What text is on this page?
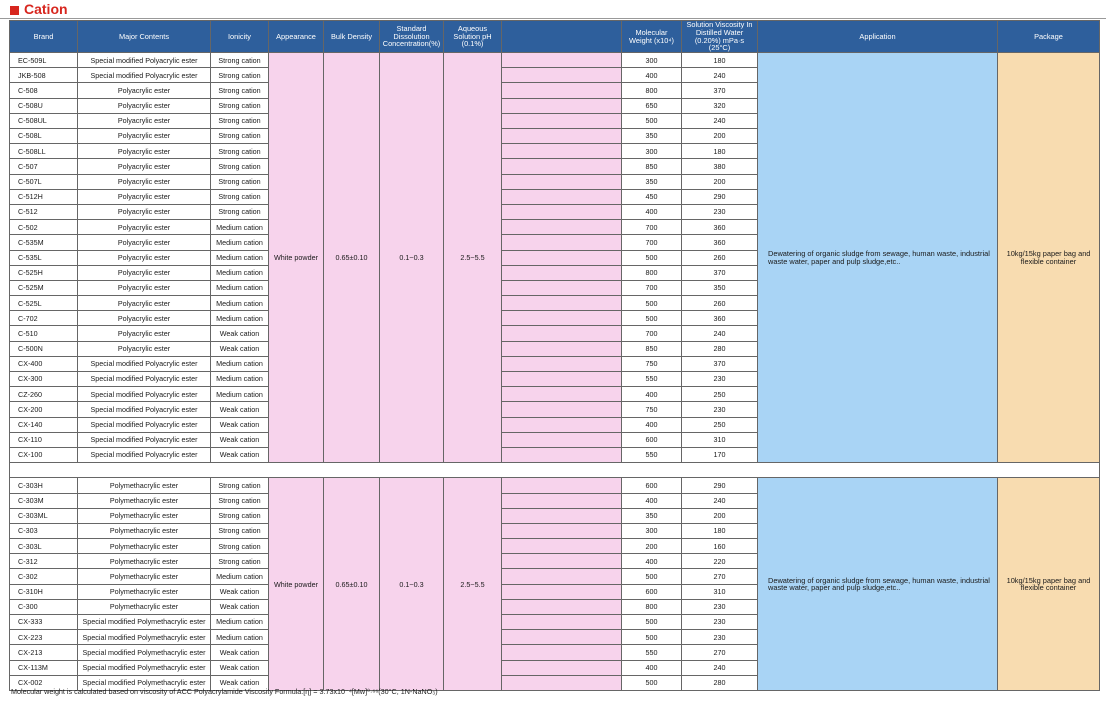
Cation
Brand	Major Contents	Ionicity	Appearance	Bulk Density	Standard Dissolution Concentration(%)	Aqueous Solution pH (0.1%)		Molecular Weight (x10⁴)	Solution Viscosity In Distilled Water (0.20%) mPa·s (25°C)	Application	Package
EC-509L	Special modified Polyacrylic ester	Strong cation	White powder	0.65±0.10	0.1~0.3	2.5~5.5		300	180	Dewatering of organic sludge from sewage, human waste, industrial waste water, paper and pulp sludge,etc..	10kg/15kg paper bag and flexible container
JKB-508	Special modified Polyacrylic ester	Strong cation						400	240		
C-508	Polyacrylic ester	Strong cation						800	370		
C-508U	Polyacrylic ester	Strong cation						650	320		
C-508UL	Polyacrylic ester	Strong cation						500	240		
C-508L	Polyacrylic ester	Strong cation						350	200		
C-508LL	Polyacrylic ester	Strong cation						300	180		
C-507	Polyacrylic ester	Strong cation						850	380		
C-507L	Polyacrylic ester	Strong cation						350	200		
C-512H	Polyacrylic ester	Strong cation						450	290		
C-512	Polyacrylic ester	Strong cation						400	230		
C-502	Polyacrylic ester	Medium cation						700	360		
C-535M	Polyacrylic ester	Medium cation						700	360		
C-535L	Polyacrylic ester	Medium cation						500	260		
C-525H	Polyacrylic ester	Medium cation						800	370		
C-525M	Polyacrylic ester	Medium cation						700	350		
C-525L	Polyacrylic ester	Medium cation						500	260		
C-702	Polyacrylic ester	Medium cation						500	360		
C-510	Polyacrylic ester	Weak cation						700	240		
C-500N	Polyacrylic ester	Weak cation						850	280		
CX-400	Special modified Polyacrylic ester	Medium cation						750	370		
CX-300	Special modified Polyacrylic ester	Medium cation						550	230		
CZ-260	Special modified Polyacrylic ester	Medium cation						400	250		
CX-200	Special modified Polyacrylic ester	Weak cation						750	230		
CX-140	Special modified Polyacrylic ester	Weak cation						400	250		
CX-110	Special modified Polyacrylic ester	Weak cation						600	310		
CX-100	Special modified Polyacrylic ester	Weak cation						550	170		

C-303H	Polymethacrylic ester	Strong cation	White powder	0.65±0.10	0.1~0.3	2.5~5.5		600	290	Dewatering of organic sludge from sewage, human waste, industrial waste water, paper and pulp sludge,etc..	10kg/15kg paper bag and flexible container
C-303M	Polymethacrylic ester	Strong cation						400	240		
C-303ML	Polymethacrylic ester	Strong cation						350	200		
C-303	Polymethacrylic ester	Strong cation						300	180		
C-303L	Polymethacrylic ester	Strong cation						200	160		
C-312	Polymethacrylic ester	Strong cation						400	220		
C-302	Polymethacrylic ester	Medium cation						500	270		
C-310H	Polymethacrylic ester	Weak cation						600	310		
C-300	Polymethacrylic ester	Weak cation						800	230		
CX-333	Special modified Polymethacrylic ester	Medium cation						500	230		
CX-223	Special modified Polymethacrylic ester	Medium cation						500	230		
CX-213	Special modified Polymethacrylic ester	Weak cation						550	270		
CX-113M	Special modified Polymethacrylic ester	Weak cation						400	240		
CX-002	Special modified Polymethacrylic ester	Weak cation						500	280		
Molecular weight is calculated based on viscosity of ACC Polyacrylamide Viscosity Formula:[η] = 3.73x10⁻⁴[Mw]⁰·⁶⁶(30°C, 1N-NaNO₃)
